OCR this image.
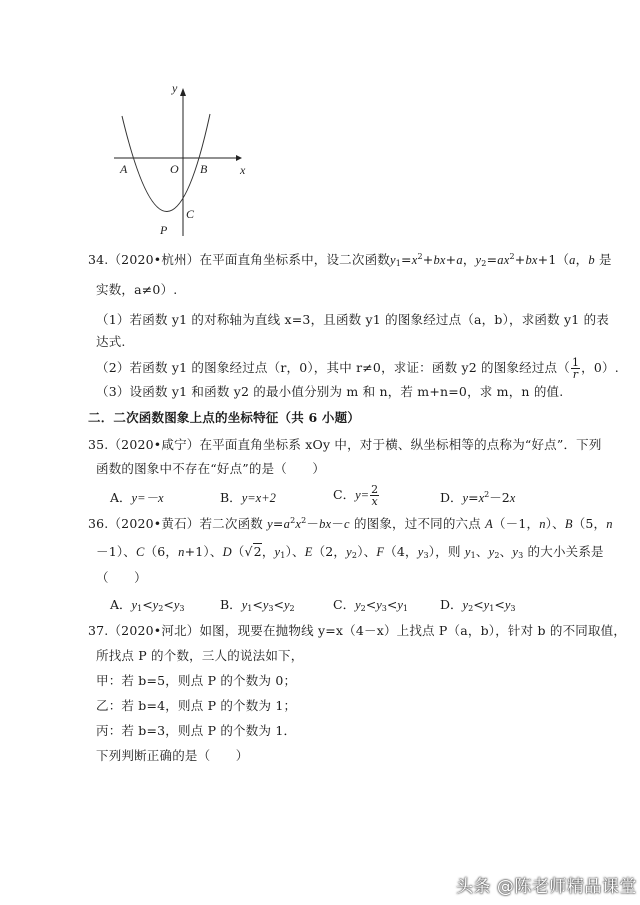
y
x
A	O B
C
P
34.（2020•杭州）在平面直角坐标系中，设二次函数$y_1=x^2+bx+a$，$y_2=ax^2+bx+1(a$，b 是
实数，a≠0）.
（1）若函数 y1 的对称轴为直线 x=3，且函数 y1 的图象经过点（a，b），求函数 y1 的表
达式.
（2）若函数 y1 的图象经过点（r，0），其中 r≠0，求证：函数 y2 的图象经过点（ $\frac{1}{r}$ ，0）.
（3）设函数 y1 和函数 y2 的最小值分别为 m 和 n，若 m+n=0，求 m，n 的值.
二．二次函数图象上点的坐标特征（共 6 小题）
35.（2020•咸宁）在平面直角坐标系 xOy 中，对于横、纵坐标相等的点称为“好点”．下列
函数的图象中不存在“好点”的是（　　）
A．y=－x	B．y=x+2	C．$y= \frac{2}{x}$	D．$y=x^2-2x$
36.（2020•黄石）若二次函数 $y=a^2x^2-bx-c$ 的图象，过不同的六点 A（－1，n）、B（5，n
－1）、C（6，n+1）、D（√2，$y_1$）、E（2，$y_2$）、F（4，$y_3$），则 $y_1$、$y_2$、$y_3$ 的大小关系是
（　　）
A．$y_1<y_2<y_3$	B．$y_1<y_3<y_2$	C．$y_2<y_3<y_1$	D．$y_2<y_1<y_3$
37.（2020•河北）如图，现要在抛物线 y=x（4－x）上找点 P（a，b），针对 b 的不同取值，
所找点 P 的个数，三人的说法如下，
甲：若 b=5，则点 P 的个数为 0；
乙：若 b=4，则点 P 的个数为 1；
丙：若 b=3，则点 P 的个数为 1．
下列判断正确的是（　　）
头条 @陈老师精品课堂
